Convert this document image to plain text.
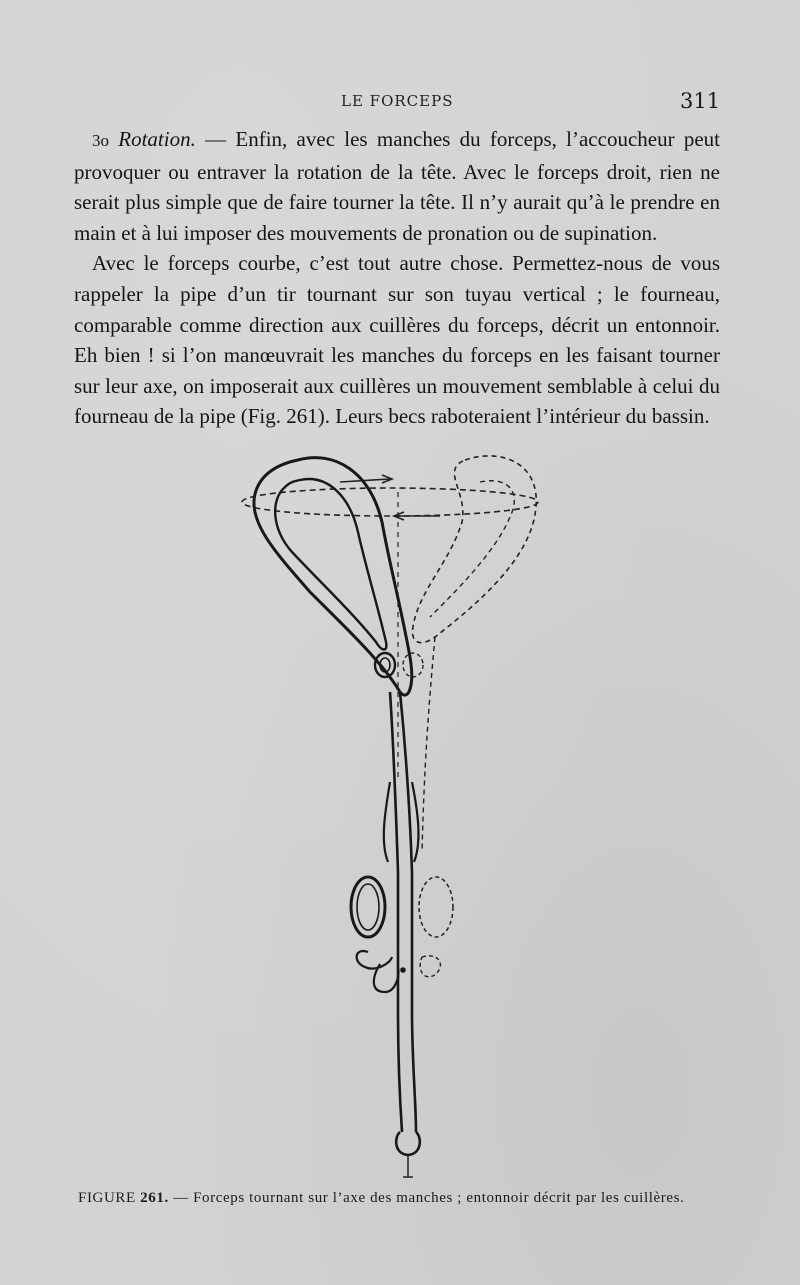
LE FORCEPS	311

3o Rotation. — Enfin, avec les manches du forceps, l’accoucheur peut provoquer ou entraver la rotation de la tête. Avec le forceps droit, rien ne serait plus simple que de faire tourner la tête. Il n’y aurait qu’à le prendre en main et à lui imposer des mouvements de pronation ou de supination.

Avec le forceps courbe, c’est tout autre chose. Permettez-nous de vous rappeler la pipe d’un tir tournant sur son tuyau vertical ; le fourneau, comparable comme direction aux cuillères du forceps, décrit un entonnoir. Eh bien ! si l’on manœuvrait les manches du forceps en les faisant tourner sur leur axe, on imposerait aux cuillères un mouvement semblable à celui du fourneau de la pipe (Fig. 261). Leurs becs raboteraient l’intérieur du bassin.

FIGURE 261. — Forceps tournant sur l’axe des manches ; entonnoir décrit par les cuillères.
